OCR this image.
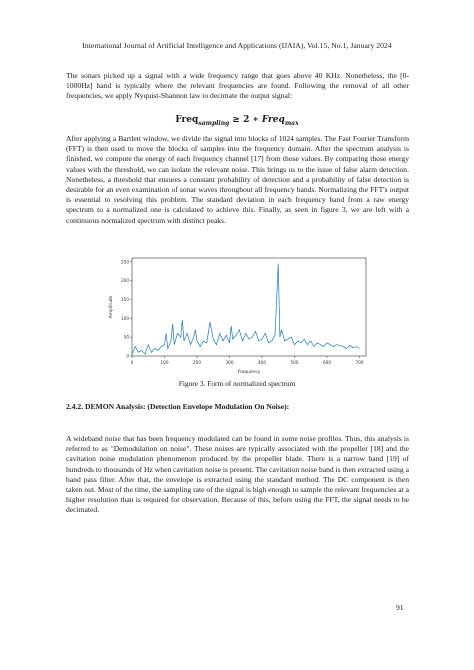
International Journal of Artificial Intelligence and Applications (IJAIA), Vol.15, No.1, January 2024

The sonars picked up a signal with a wide frequency range that goes above 40 KHz. Nonetheless, the [0-1000Hz] band is typically where the relevant frequencies are found. Following the removal of all other frequencies, we apply Nyquist-Shannon law to decimate the output signal:

Freq$_{sampling}$ ≥ 2 ∗ Freq$_{max}$

After applying a Bartlett window, we divide the signal into blocks of 1024 samples. The Fast Fourier Transform (FFT) is then used to move the blocks of samples into the frequency domain. After the spectrum analysis is finished, we compute the energy of each frequency channel [17] from those values. By comparing those energy values with the threshold, we can isolate the relevant noise. This brings us to the issue of false alarm detection. Nonetheless, a threshold that ensures a constant probability of detection and a probability of false detection is desirable for an even examination of sonar waves throughout all frequency bands. Normalizing the FFT's output is essential to resolving this problem. The standard deviation in each frequency band from a raw energy spectrum to a normalized one is calculated to achieve this. Finally, as seen in figure 3, we are left with a continuous normalized spectrum with distinct peaks.

0	100	200	300	400	500	600	700
0
50
100
150
200
250
Frequency
Amplitude
Figure 3. Form of normalized spectrum
2.4.2. DEMON Analysis: (Detection Envelope Modulation On Noise):

A wideband noise that has been frequency modulated can be found in some noise profiles. Thus, this analysis is referred to as "Demodulation on noise". These noises are typically associated with the propeller [18] and the cavitation noise modulation phenomenon produced by the propeller blade. There is a narrow band [19] of hundreds to thousands of Hz when cavitation noise is present. The cavitation noise band is then extracted using a band pass filter. After that, the envelope is extracted using the standard method. The DC component is then taken out. Most of the time, the sampling rate of the signal is high enough to sample the relevant frequencies at a higher resolution than is required for observation. Because of this, before using the FFT, the signal needs to be decimated.

91
